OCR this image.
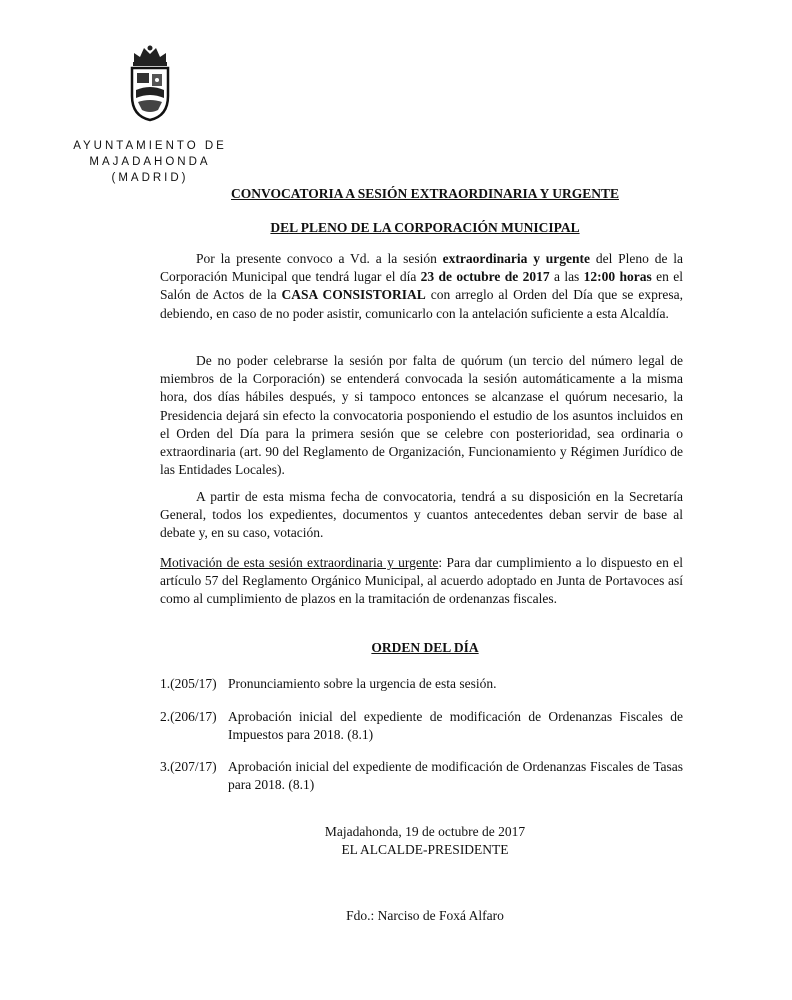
AYUNTAMIENTO DE
MAJADAHONDA
(MADRID)
CONVOCATORIA A SESIÓN EXTRAORDINARIA Y URGENTE
DEL PLENO DE LA CORPORACIÓN MUNICIPAL
Por la presente convoco a Vd. a la sesión extraordinaria y urgente del Pleno de la Corporación Municipal que tendrá lugar el día 23 de octubre de 2017 a las 12:00 horas en el Salón de Actos de la CASA CONSISTORIAL con arreglo al Orden del Día que se expresa, debiendo, en caso de no poder asistir, comunicarlo con la antelación suficiente a esta Alcaldía.
De no poder celebrarse la sesión por falta de quórum (un tercio del número legal de miembros de la Corporación) se entenderá convocada la sesión automáticamente a la misma hora, dos días hábiles después, y si tampoco entonces se alcanzase el quórum necesario, la Presidencia dejará sin efecto la convocatoria posponiendo el estudio de los asuntos incluidos en el Orden del Día para la primera sesión que se celebre con posterioridad, sea ordinaria o extraordinaria (art. 90 del Reglamento de Organización, Funcionamiento y Régimen Jurídico de las Entidades Locales).
A partir de esta misma fecha de convocatoria, tendrá a su disposición en la Secretaría General, todos los expedientes, documentos y cuantos antecedentes deban servir de base al debate y, en su caso, votación.
Motivación de esta sesión extraordinaria y urgente: Para dar cumplimiento a lo dispuesto en el artículo 57 del Reglamento Orgánico Municipal, al acuerdo adoptado en Junta de Portavoces así como al cumplimiento de plazos en la tramitación de ordenanzas fiscales.
ORDEN DEL DÍA
1.(205/17) Pronunciamiento sobre la urgencia de esta sesión.
2.(206/17) Aprobación inicial del expediente de modificación de Ordenanzas Fiscales de Impuestos para 2018. (8.1)
3.(207/17) Aprobación inicial del expediente de modificación de Ordenanzas Fiscales de Tasas para 2018. (8.1)
Majadahonda, 19 de octubre de 2017
EL ALCALDE-PRESIDENTE
Fdo.: Narciso de Foxá Alfaro
